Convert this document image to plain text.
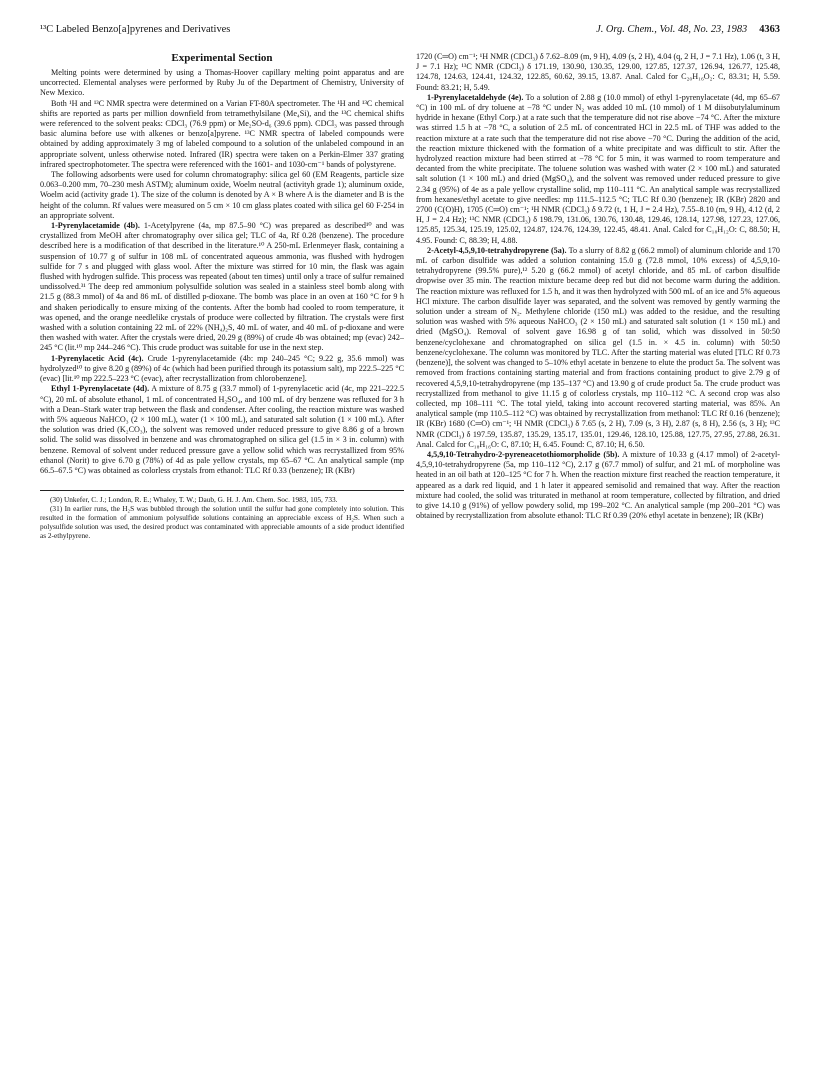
¹³C Labeled Benzo[a]pyrenes and Derivatives	J. Org. Chem., Vol. 48, No. 23, 1983 4363
Experimental Section

Melting points were determined by using a Thomas-Hoover capillary melting point apparatus and are uncorrected. Elemental analyses were performed by Ruby Ju of the Department of Chemistry, University of New Mexico.

Both ¹H and ¹³C NMR spectra were determined on a Varian FT-80A spectrometer. The ¹H and ¹³C chemical shifts are reported as parts per million downfield from tetramethylsilane (Me₄Si), and the ¹³C chemical shifts were referenced to the solvent peaks: CDCl₃ (76.9 ppm) or Me₂SO-d₆ (39.6 ppm). CDCl₃ was passed through basic alumina before use with alkenes or benzo[a]pyrene. ¹³C NMR spectra of labeled compounds were obtained by adding approximately 3 mg of labeled compound to a solution of the unlabeled compound in an appropriate solvent, unless otherwise noted. Infrared (IR) spectra were taken on a Perkin-Elmer 337 grating infrared spectrophotometer. The spectra were referenced with the 1601- and 1030-cm⁻¹ bands of polystyrene.

The following adsorbents were used for column chromatography: silica gel 60 (EM Reagents, particle size 0.063–0.200 mm, 70–230 mesh ASTM); aluminum oxide, Woelm neutral (activityh grade 1); aluminum oxide, Woelm acid (activity grade 1). The size of the column is denoted by A × B where A is the diameter and B is the height of the column. Rf values were measured on 5 cm × 10 cm glass plates coated with silica gel 60 F-254 in an appropriate solvent.

1-Pyrenylacetamide (4b). 1-Acetylpyrene (4a, mp 87.5–90 °C) was prepared as described¹⁰ and was crystallized from MeOH after chromatography over silica gel; TLC of 4a, Rf 0.28 (benzene). The procedure described here is a modification of that described in the literature.¹⁰ A 250-mL Erlenmeyer flask, containing a suspension of 10.77 g of sulfur in 108 mL of concentrated aqueous ammonia, was flushed with hydrogen sulfide for 7 s and plugged with glass wool. After the mixture was stirred for 10 min, the flask was again flushed with hydrogen sulfide. This process was repeated (about ten times) until only a trace of sulfur remained undissolved.³¹ The deep red ammonium polysulfide solution was sealed in a stainless steel bomb along with 21.5 g (88.3 mmol) of 4a and 86 mL of distilled p-dioxane. The bomb was place in an oven at 160 °C for 9 h and shaken periodically to ensure mixing of the contents. After the bomb had cooled to room temperature, it was opened, and the orange needlelike crystals of produce were collected by filtration. The crystals were first washed with a solution containing 22 mL of 22% (NH₄)₂S, 40 mL of water, and 40 mL of p-dioxane and were then washed with water. After the crystals were dried, 20.29 g (89%) of crude 4b was obtained; mp (evac) 242–245 °C (lit.¹⁰ mp 244–246 °C). This crude product was suitable for use in the next step.

1-Pyrenylacetic Acid (4c). Crude 1-pyrenylacetamide (4b: mp 240–245 °C; 9.22 g, 35.6 mmol) was hydrolyzed¹⁰ to give 8.20 g (89%) of 4c (which had been purified through its potassium salt), mp 222.5–225 °C (evac) [lit.¹⁰ mp 222.5–223 °C (evac), after recrystallization from chlorobenzene].

Ethyl 1-Pyrenylacetate (4d). A mixture of 8.75 g (33.7 mmol) of 1-pyrenylacetic acid (4c, mp 221–222.5 °C), 20 mL of absolute ethanol, 1 mL of concentrated H₂SO₄, and 100 mL of dry benzene was refluxed for 3 h with a Dean–Stark water trap between the flask and condenser. After cooling, the reaction mixture was washed with 5% aqueous NaHCO₃ (2 × 100 mL), water (1 × 100 mL), and saturated salt solution (1 × 100 mL). After the solution was dried (K₂CO₃), the solvent was removed under reduced pressure to give 8.86 g of a brown solid. The solid was dissolved in benzene and was chromatographed on silica gel (1.5 in × 3 in. column) with benzene. Removal of solvent under reduced pressure gave a yellow solid which was recrystallized from 95% ethanol (Norit) to give 6.70 g (78%) of 4d as pale yellow crystals, mp 65–67 °C. An analytical sample (mp 66.5–67.5 °C) was obtained as colorless crystals from ethanol: TLC Rf 0.33 (benzene); IR (KBr)

(30) Unkefer, C. J.; London, R. E.; Whaley, T. W.; Daub, G. H. J. Am. Chem. Soc. 1983, 105, 733.

(31) In earlier runs, the H₂S was bubbled through the solution until the sulfur had gone completely into solution. This resulted in the formation of ammonium polysulfide solutions containing an appreciable excess of H₂S. When such a polysulfide solution was used, the desired product was contaminated with appreciable amounts of a side product identified as 2-ethylpyrene.

1720 (C═O) cm⁻¹; ¹H NMR (CDCl₃) δ 7.62–8.09 (m, 9 H), 4.09 (s, 2 H), 4.04 (q, 2 H, J = 7.1 Hz), 1.06 (t, 3 H, J = 7.1 Hz); ¹³C NMR (CDCl₃) δ 171.19, 130.90, 130.35, 129.00, 127.85, 127.37, 126.94, 126.77, 125.48, 124.78, 124.63, 124.41, 124.32, 122.85, 60.62, 39.15, 13.87. Anal. Calcd for C₂₀H₁₆O₂: C, 83.31; H, 5.59. Found: 83.21; H, 5.49.

1-Pyrenylacetaldehyde (4e). To a solution of 2.88 g (10.0 mmol) of ethyl 1-pyrenylacetate (4d, mp 65–67 °C) in 100 mL of dry toluene at −78 °C under N₂ was added 10 mL (10 mmol) of 1 M diisobutylaluminum hydride in hexane (Ethyl Corp.) at a rate such that the temperature did not rise above −74 °C. After the mixture was stirred 1.5 h at −78 °C, a solution of 2.5 mL of concentrated HCl in 22.5 mL of THF was added to the reaction mixture at a rate such that the temperature did not rise above −70 °C. During the addition of the acid, the reaction mixture thickened with the formation of a white precipitate and was difficult to stir. After the hydrolyzed reaction mixture had been stirred at −78 °C for 5 min, it was warmed to room temperature and decanted from the white precipitate. The toluene solution was washed with water (2 × 100 mL) and saturated salt solution (1 × 100 mL) and dried (MgSO₄), and the solvent was removed under reduced pressure to give 2.34 g (95%) of 4e as a pale yellow crystalline solid, mp 110–111 °C. An analytical sample was recrystallized from hexanes/ethyl acetate to give needles: mp 111.5–112.5 °C; TLC Rf 0.30 (benzene); IR (KBr) 2820 and 2700 (C(O)H), 1705 (C═O) cm⁻¹; ¹H NMR (CDCl₃) δ 9.72 (t, 1 H, J = 2.4 Hz), 7.55–8.10 (m, 9 H), 4.12 (d, 2 H, J = 2.4 Hz); ¹³C NMR (CDCl₃) δ 198.79, 131.06, 130.76, 130.48, 129.46, 128.14, 127.98, 127.23, 127.06, 125.85, 125.34, 125.19, 125.02, 124.87, 124.76, 124.39, 122.45, 48.41. Anal. Calcd for C₁₈H₁₂O: C, 88.50; H, 4.95. Found: C, 88.39; H, 4.88.

2-Acetyl-4,5,9,10-tetrahydropyrene (5a). To a slurry of 8.82 g (66.2 mmol) of aluminum chloride and 170 mL of carbon disulfide was added a solution containing 15.0 g (72.8 mmol, 10% excess) of 4,5,9,10-tetrahydropyrene (99.5% pure),¹² 5.20 g (66.2 mmol) of acetyl chloride, and 85 mL of carbon disulfide dropwise over 35 min. The reaction mixture became deep red but did not become warm during the addition. The reaction mixture was refluxed for 1.5 h, and it was then hydrolyzed with 500 mL of an ice and 5% aqueous HCl mixture. The carbon disulfide layer was separated, and the solvent was removed by gently warming the solution under a stream of N₂. Methylene chloride (150 mL) was added to the residue, and the resulting solution was washed with 5% aqueous NaHCO₃ (2 × 150 mL) and saturated salt solution (1 × 150 mL) and dried (MgSO₄). Removal of solvent gave 16.98 g of tan solid, which was dissolved in 50:50 benzene/cyclohexane and chromatographed on silica gel (1.5 in. × 4.5 in. column) with 50:50 benzene/cyclohexane. The column was monitored by TLC. After the starting material was eluted [TLC Rf 0.73 (benzene)], the solvent was changed to 5–10% ethyl acetate in benzene to elute the product 5a. The solvent was removed from fractions containing starting material and from fractions containing product to give 2.79 g of recovered 4,5,9,10-tetrahydropyrene (mp 135–137 °C) and 13.90 g of crude product 5a. The crude product was recrystallized from methanol to give 11.15 g of colorless crystals, mp 110–112 °C. A second crop was also collected, mp 108–111 °C. The total yield, taking into account recovered starting material, was 85%. An analytical sample (mp 110.5–112 °C) was obtained by recrystallization from methanol: TLC Rf 0.16 (benzene); IR (KBr) 1680 (C═O) cm⁻¹; ¹H NMR (CDCl₃) δ 7.65 (s, 2 H), 7.09 (s, 3 H), 2.87 (s, 8 H), 2.56 (s, 3 H); ¹³C NMR (CDCl₃) δ 197.59, 135.87, 135.29, 135.17, 135.01, 129.46, 128.10, 125.88, 127.75, 27.95, 27.88, 26.31. Anal. Calcd for C₁₈H₁₆O: C, 87.10; H, 6.45. Found: C, 87.10; H, 6.50.

4,5,9,10-Tetrahydro-2-pyreneacetothiomorpholide (5b). A mixture of 10.33 g (4.17 mmol) of 2-acetyl-4,5,9,10-tetrahydropyrene (5a, mp 110–112 °C), 2.17 g (67.7 mmol) of sulfur, and 21 mL of morpholine was heated in an oil bath at 120–125 °C for 7 h. When the reaction mixture first reached the reaction temperature, it appeared as a dark red liquid, and 1 h later it appeared semisolid and remained that way. After the reaction mixture had cooled, the solid was triturated in methanol at room temperature, collected by filtration, and dried to give 14.10 g (91%) of yellow powdery solid, mp 199–202 °C. An analytical sample (mp 200–201 °C) was obtained by recrystallization from absolute ethanol: TLC Rf 0.39 (20% ethyl acetate in benzene); IR (KBr)
